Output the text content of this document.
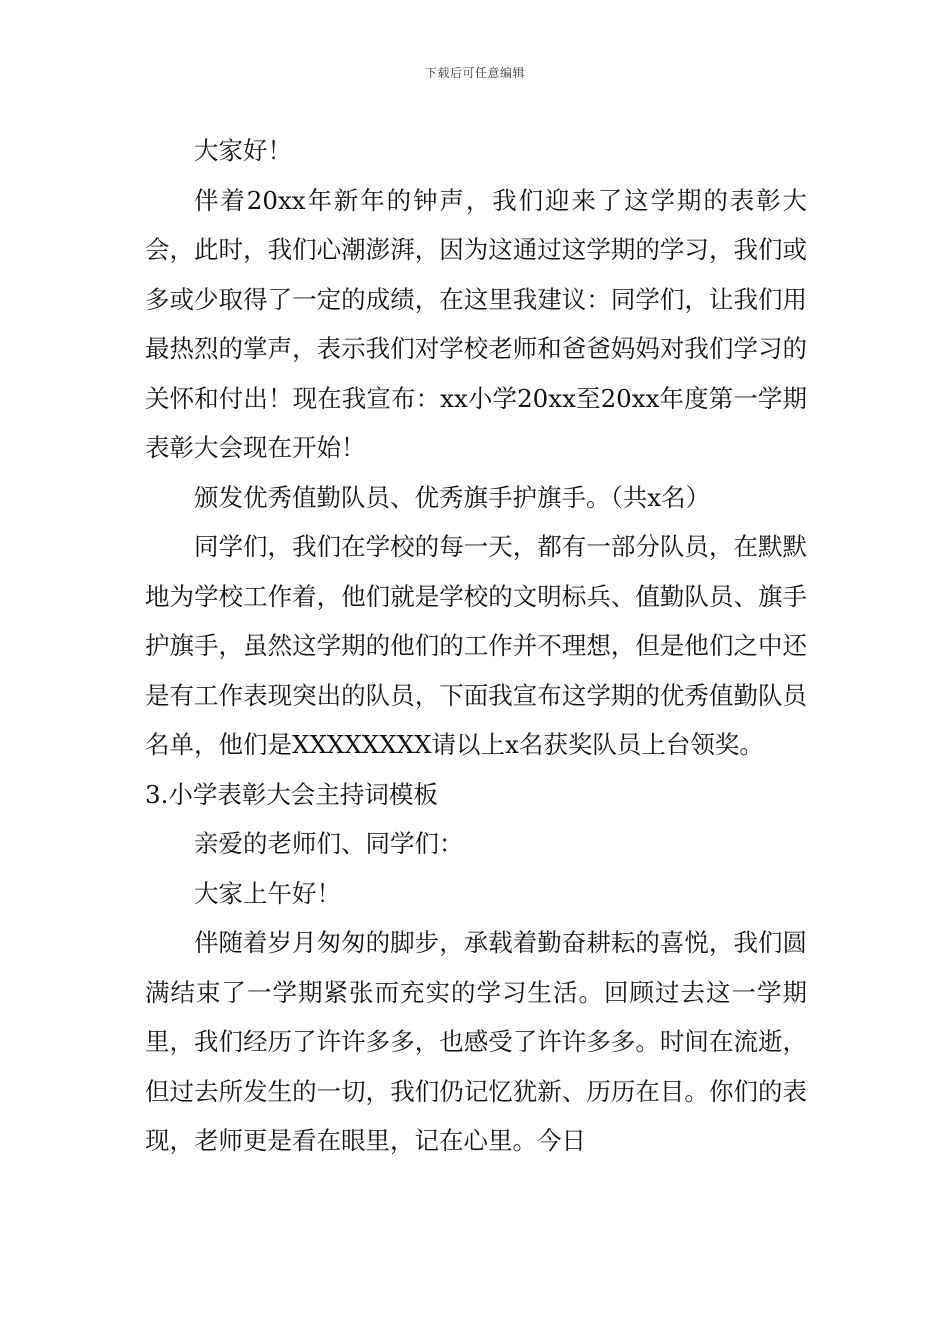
下载后可任意编辑

大家好！

伴着20xx年新年的钟声，我们迎来了这学期的表彰大会，此时，我们心潮澎湃，因为这通过这学期的学习，我们或多或少取得了一定的成绩，在这里我建议：同学们，让我们用最热烈的掌声，表示我们对学校老师和爸爸妈妈对我们学习的关怀和付出！现在我宣布：xx小学20xx至20xx年度第一学期表彰大会现在开始！

颁发优秀值勤队员、优秀旗手护旗手。（共x名）

同学们，我们在学校的每一天，都有一部分队员，在默默地为学校工作着，他们就是学校的文明标兵、值勤队员、旗手护旗手，虽然这学期的他们的工作并不理想，但是他们之中还是有工作表现突出的队员，下面我宣布这学期的优秀值勤队员名单，他们是XXXXXXXX请以上x名获奖队员上台领奖。

3.小学表彰大会主持词模板

亲爱的老师们、同学们：

大家上午好！

伴随着岁月匆匆的脚步，承载着勤奋耕耘的喜悦，我们圆满结束了一学期紧张而充实的学习生活。回顾过去这一学期里，我们经历了许许多多，也感受了许许多多。时间在流逝，但过去所发生的一切，我们仍记忆犹新、历历在目。你们的表现，老师更是看在眼里，记在心里。今日
